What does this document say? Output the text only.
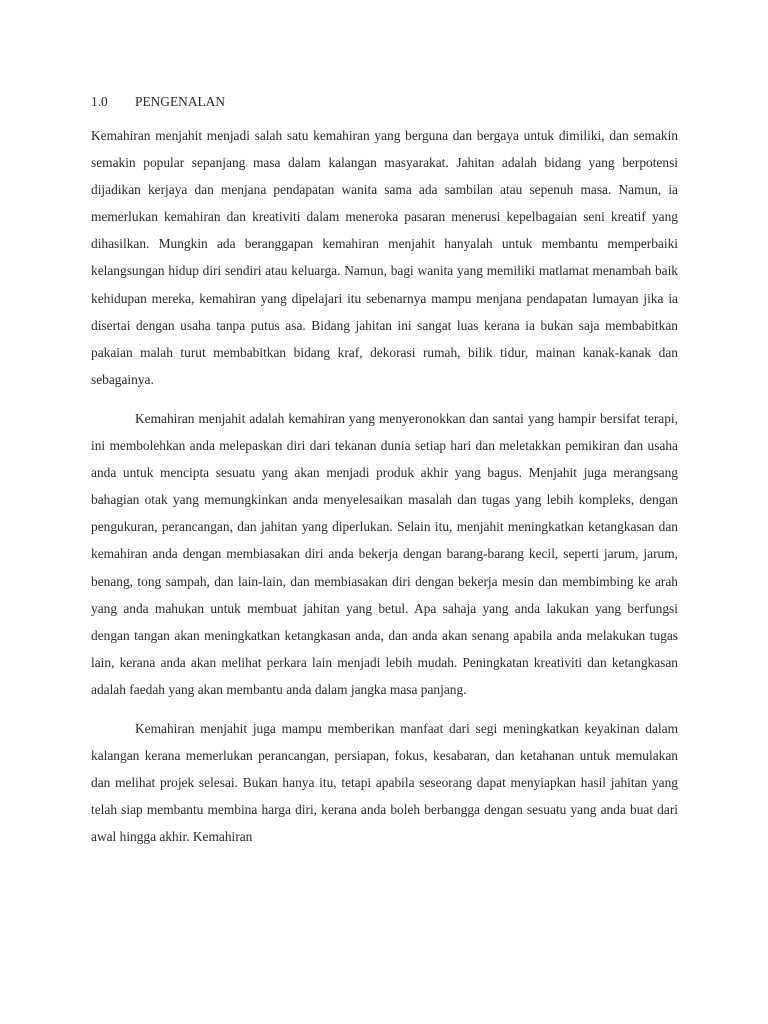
1.0	PENGENALAN

Kemahiran menjahit menjadi salah satu kemahiran yang berguna dan bergaya untuk dimiliki, dan semakin semakin popular sepanjang masa dalam kalangan masyarakat. Jahitan adalah bidang yang berpotensi dijadikan kerjaya dan menjana pendapatan wanita sama ada sambilan atau sepenuh masa. Namun, ia memerlukan kemahiran dan kreativiti dalam meneroka pasaran menerusi kepelbagaian seni kreatif yang dihasilkan. Mungkin ada beranggapan kemahiran menjahit hanyalah untuk membantu memperbaiki kelangsungan hidup diri sendiri atau keluarga. Namun, bagi wanita yang memiliki matlamat menambah baik kehidupan mereka, kemahiran yang dipelajari itu sebenarnya mampu menjana pendapatan lumayan jika ia disertai dengan usaha tanpa putus asa. Bidang jahitan ini sangat luas kerana ia bukan saja membabitkan pakaian malah turut membabitkan bidang kraf, dekorasi rumah, bilik tidur, mainan kanak-kanak dan sebagainya.

Kemahiran menjahit adalah kemahiran yang menyeronokkan dan santai yang hampir bersifat terapi, ini membolehkan anda melepaskan diri dari tekanan dunia setiap hari dan meletakkan pemikiran dan usaha anda untuk mencipta sesuatu yang akan menjadi produk akhir yang bagus. Menjahit juga merangsang bahagian otak yang memungkinkan anda menyelesaikan masalah dan tugas yang lebih kompleks, dengan pengukuran, perancangan, dan jahitan yang diperlukan. Selain itu, menjahit meningkatkan ketangkasan dan kemahiran anda dengan membiasakan diri anda bekerja dengan barang-barang kecil, seperti jarum, jarum, benang, tong sampah, dan lain-lain, dan membiasakan diri dengan bekerja mesin dan membimbing ke arah yang anda mahukan untuk membuat jahitan yang betul. Apa sahaja yang anda lakukan yang berfungsi dengan tangan akan meningkatkan ketangkasan anda, dan anda akan senang apabila anda melakukan tugas lain, kerana anda akan melihat perkara lain menjadi lebih mudah. Peningkatan kreativiti dan ketangkasan adalah faedah yang akan membantu anda dalam jangka masa panjang.

Kemahiran menjahit juga mampu memberikan manfaat dari segi meningkatkan keyakinan dalam kalangan kerana memerlukan perancangan, persiapan, fokus, kesabaran, dan ketahanan untuk memulakan dan melihat projek selesai. Bukan hanya itu, tetapi apabila seseorang dapat menyiapkan hasil jahitan yang telah siap membantu membina harga diri, kerana anda boleh berbangga dengan sesuatu yang anda buat dari awal hingga akhir. Kemahiran
